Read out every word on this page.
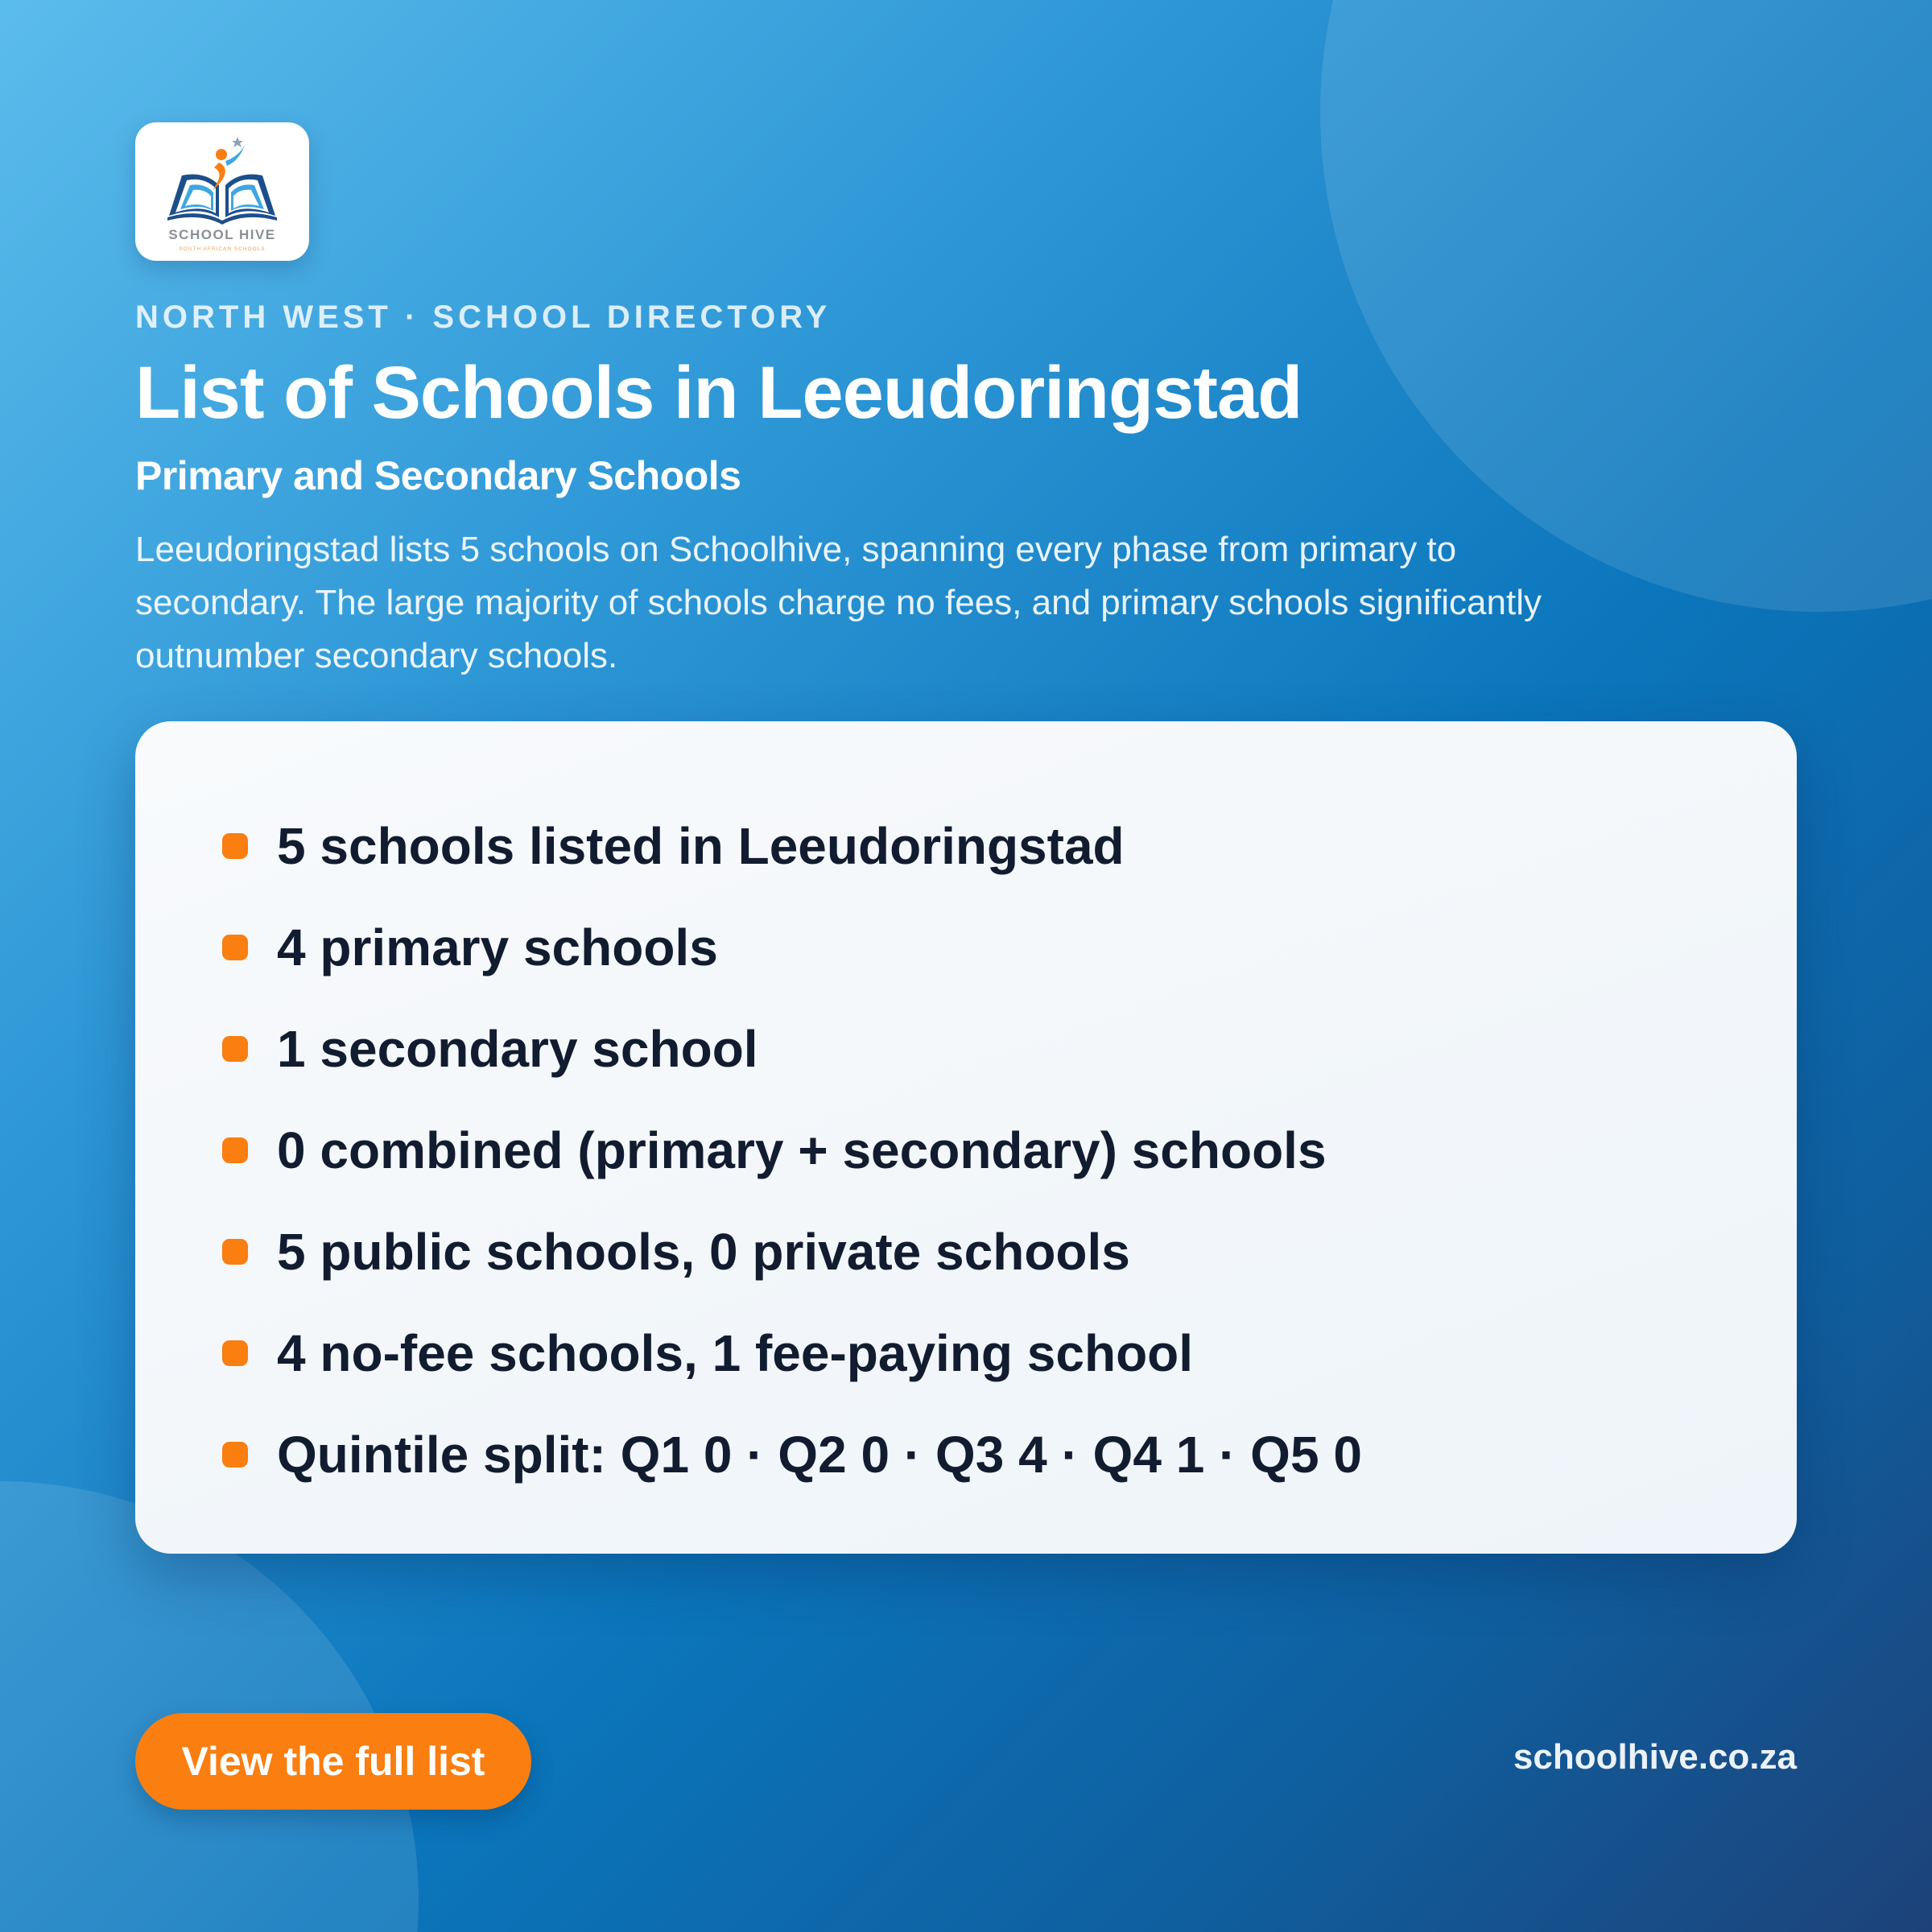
SCHOOL HIVE
SOUTH AFRICAN SCHOOLS
NORTH WEST · SCHOOL DIRECTORY
List of Schools in Leeudoringstad
Primary and Secondary Schools

Leeudoringstad lists 5 schools on Schoolhive, spanning every phase from primary to secondary. The large majority of schools charge no fees, and primary schools significantly outnumber secondary schools.

5 schools listed in Leeudoringstad
4 primary schools
1 secondary school
0 combined (primary + secondary) schools
5 public schools, 0 private schools
4 no-fee schools, 1 fee-paying school
Quintile split: Q1 0 · Q2 0 · Q3 4 · Q4 1 · Q5 0
View the full list	schoolhive.co.za
